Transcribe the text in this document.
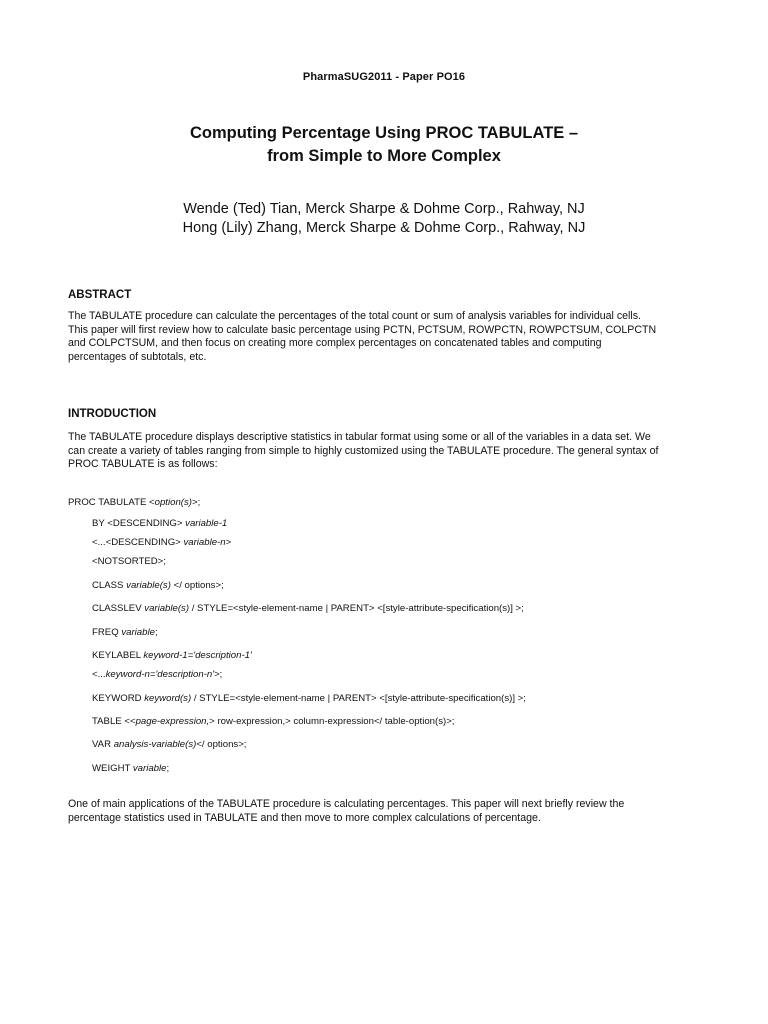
PharmaSUG2011 - Paper PO16
Computing Percentage Using PROC TABULATE –
from Simple to More Complex
Wende (Ted) Tian, Merck Sharpe & Dohme Corp., Rahway, NJ
Hong (Lily) Zhang, Merck Sharpe & Dohme Corp., Rahway, NJ
ABSTRACT
The TABULATE procedure can calculate the percentages of the total count or sum of analysis variables for individual cells.
This paper will first review how to calculate basic percentage using PCTN, PCTSUM, ROWPCTN, ROWPCTSUM, COLPCTN
and COLPCTSUM, and then focus on creating more complex percentages on concatenated tables and computing
percentages of subtotals, etc.
INTRODUCTION
The TABULATE procedure displays descriptive statistics in tabular format using some or all of the variables in a data set. We
can create a variety of tables ranging from simple to highly customized using the TABULATE procedure. The general syntax of
PROC TABULATE is as follows:
PROC TABULATE <option(s)>;
BY <DESCENDING> variable-1
<...<DESCENDING> variable-n>
<NOTSORTED>;
CLASS variable(s) </ options>;
CLASSLEV variable(s) / STYLE=<style-element-name | PARENT> <[style-attribute-specification(s)] >;
FREQ variable;
KEYLABEL keyword-1='description-1'
<...keyword-n='description-n'>;
KEYWORD keyword(s) / STYLE=<style-element-name | PARENT> <[style-attribute-specification(s)] >;
TABLE <<page-expression,> row-expression,> column-expression</ table-option(s)>;
VAR analysis-variable(s)</ options>;
WEIGHT variable;
One of main applications of the TABULATE procedure is calculating percentages. This paper will next briefly review the
percentage statistics used in TABULATE and then move to more complex calculations of percentage.
